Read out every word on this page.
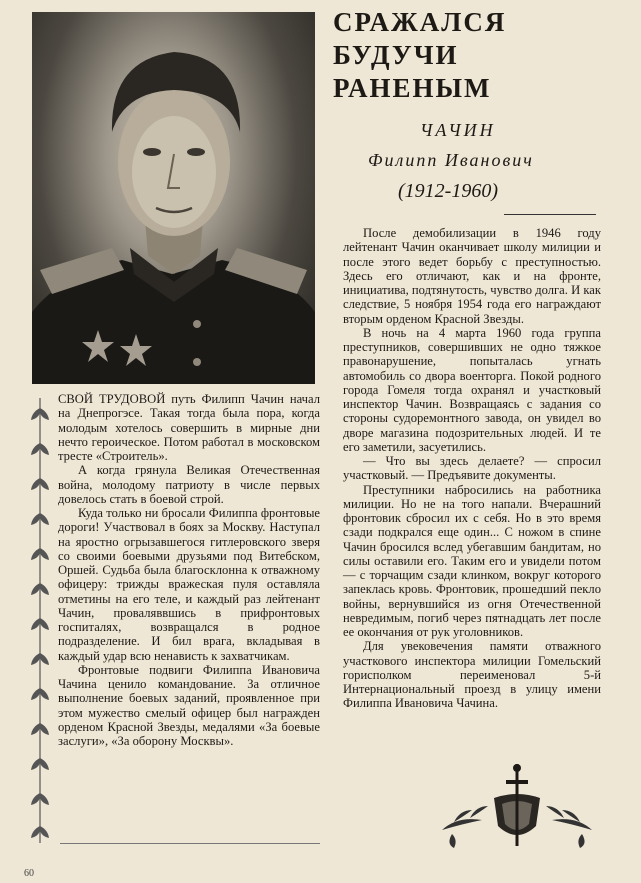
СРАЖАЛСЯ
БУДУЧИ
РАНЕНЫМ
ЧАЧИН
Филипп Иванович
(1912-1960)

СВОЙ ТРУДОВОЙ путь Филипп Чачин начал на Днепрогэсе. Такая тогда была пора, когда молодым хотелось совершить в мирные дни нечто героическое. Потом работал в московском тресте «Строитель».

А когда грянула Великая Отечественная война, молодому патриоту в числе первых довелось стать в боевой строй.

Куда только ни бросали Филиппа фронтовые дороги! Участвовал в боях за Москву. Наступал на яростно огрызавшегося гитлеровского зверя со своими боевыми друзьями под Витебском, Оршей. Судьба была благосклонна к отважному офицеру: трижды вражеская пуля оставляла отметины на его теле, и каждый раз лейтенант Чачин, проваляввшись в прифронтовых госпиталях, возвращался в родное подразделение. И бил врага, вкладывая в каждый удар всю ненависть к захватчикам.

Фронтовые подвиги Филиппа Ивановича Чачина ценило командование. За отличное выполнение боевых заданий, проявленное при этом мужество смелый офицер был награжден орденом Красной Звезды, медалями «За боевые заслуги», «За оборону Москвы».

После демобилизации в 1946 году лейтенант Чачин оканчивает школу милиции и после этого ведет борьбу с преступностью. Здесь его отличают, как и на фронте, инициатива, подтянутость, чувство долга. И как следствие, 5 ноября 1954 года его награждают вторым орденом Красной Звезды.

В ночь на 4 марта 1960 года группа преступников, совершивших не одно тяжкое правонарушение, попыталась угнать автомобиль со двора военторга. Покой родного города Гомеля тогда охранял и участковый инспектор Чачин. Возвращаясь с задания со стороны судоремонтного завода, он увидел во дворе магазина подозрительных людей. И те его заметили, засуетились.

— Что вы здесь делаете? — спросил участковый. — Предъявите документы.

Преступники набросились на работника милиции. Но не на того напали. Вчерашний фронтовик сбросил их с себя. Но в это время сзади подкрался еще один... С ножом в спине Чачин бросился вслед убегавшим бандитам, но силы оставили его. Таким его и увидели потом — с торчащим сзади клинком, вокруг которого запеклась кровь. Фронтовик, прошедший пекло войны, вернувшийся из огня Отечественной невредимым, погиб через пятнадцать лет после ее окончания от рук уголовников.

Для увековечения памяти отважного участкового инспектора милиции Гомельский горисполком переименовал 5-й Интернациональный проезд в улицу имени Филиппа Ивановича Чачина.

60
